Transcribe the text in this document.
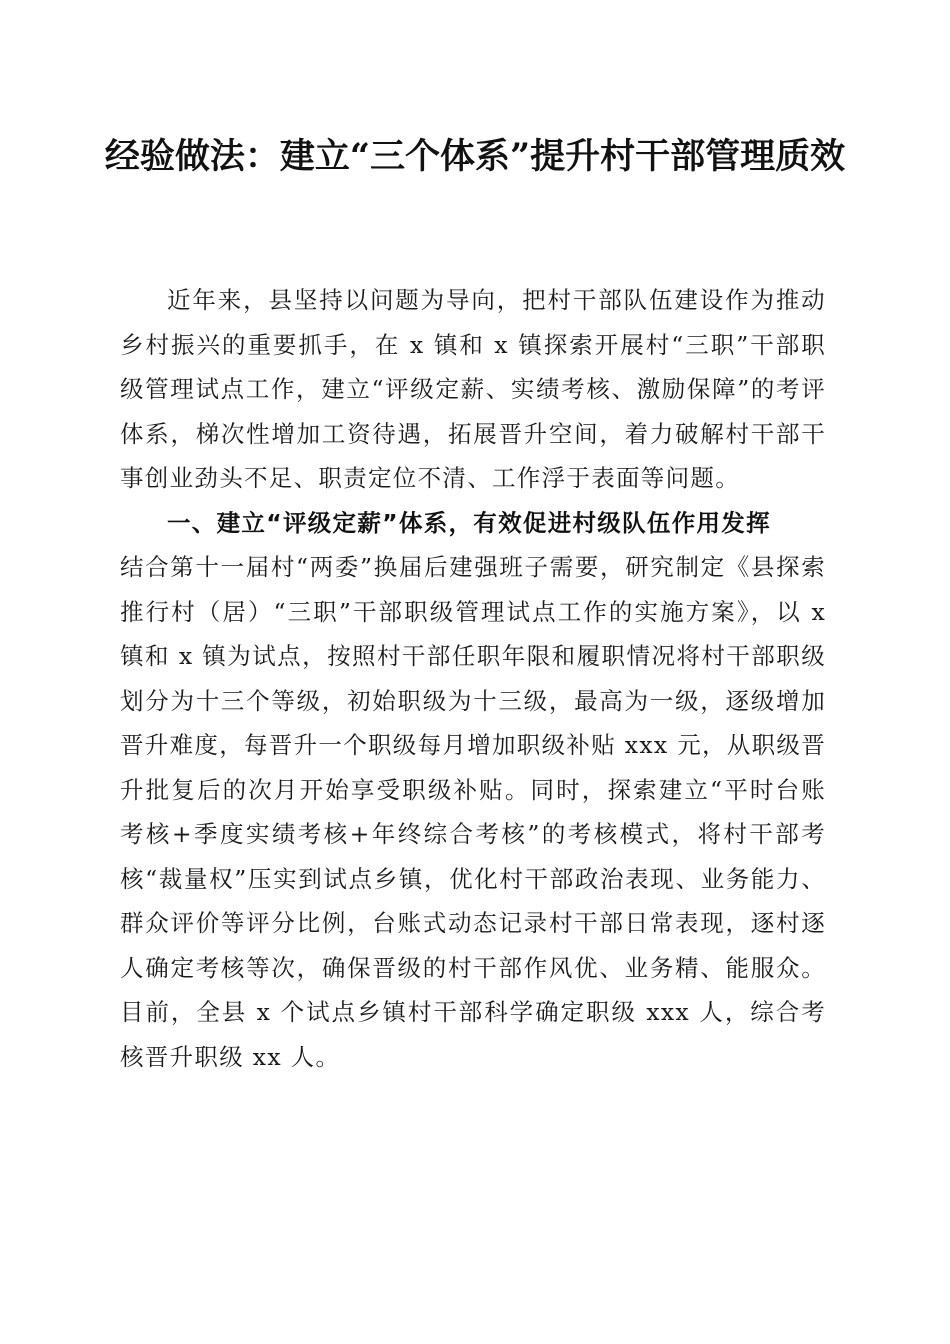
经验做法：建立“三个体系”提升村干部管理质效

近年来，县坚持以问题为导向，把村干部队伍建设作为推动乡村振兴的重要抓手，在 x 镇和 x 镇探索开展村“三职”干部职级管理试点工作，建立“评级定薪、实绩考核、激励保障”的考评体系，梯次性增加工资待遇，拓展晋升空间，着力破解村干部干事创业劲头不足、职责定位不清、工作浮于表面等问题。

一、建立“评级定薪”体系，有效促进村级队伍作用发挥

结合第十一届村“两委”换届后建强班子需要，研究制定《县探索推行村（居）“三职”干部职级管理试点工作的实施方案》，以 x 镇和 x 镇为试点，按照村干部任职年限和履职情况将村干部职级划分为十三个等级，初始职级为十三级，最高为一级，逐级增加晋升难度，每晋升一个职级每月增加职级补贴 xxx 元，从职级晋升批复后的次月开始享受职级补贴。同时，探索建立“平时台账考核+季度实绩考核+年终综合考核”的考核模式，将村干部考核“裁量权”压实到试点乡镇，优化村干部政治表现、业务能力、群众评价等评分比例，台账式动态记录村干部日常表现，逐村逐人确定考核等次，确保晋级的村干部作风优、业务精、能服众。目前，全县 x 个试点乡镇村干部科学确定职级 xxx 人，综合考核晋升职级 xx 人。
